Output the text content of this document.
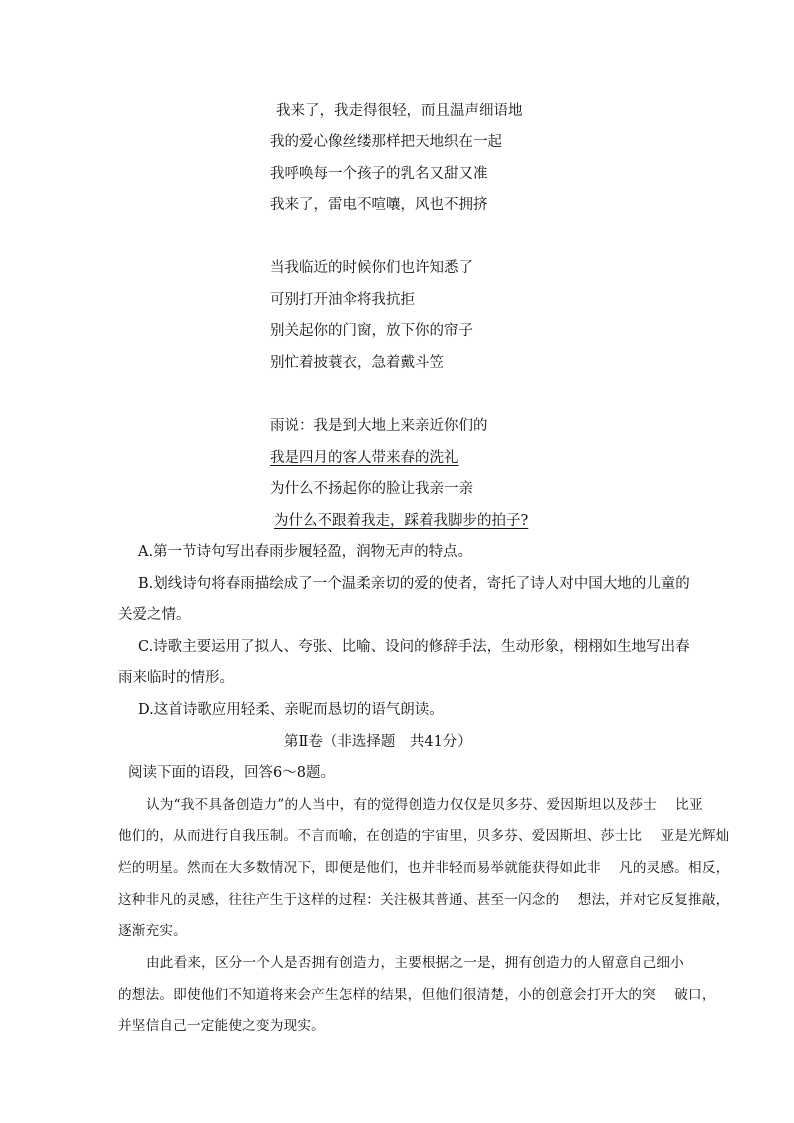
我来了，我走得很轻，而且温声细语地
我的爱心像丝缕那样把天地织在一起
我呼唤每一个孩子的乳名又甜又准
我来了，雷电不喧嚷，风也不拥挤
当我临近的时候你们也许知悉了
可别打开油伞将我抗拒
别关起你的门窗，放下你的帘子
别忙着披蓑衣，急着戴斗笠
雨说：我是到大地上来亲近你们的
我是四月的客人带来春的洗礼
为什么不扬起你的脸让我亲一亲
为什么不跟着我走，踩着我脚步的拍子?
A.第一节诗句写出春雨步履轻盈，润物无声的特点。
B.划线诗句将春雨描绘成了一个温柔亲切的爱的使者，寄托了诗人对中国大地的儿童的
关爱之情。
C.诗歌主要运用了拟人、夸张、比喻、设问的修辞手法，生动形象，栩栩如生地写出春
雨来临时的情形。
D.这首诗歌应用轻柔、亲昵而恳切的语气朗读。
第Ⅱ卷（非选择题　共41分）
阅读下面的语段，回答6～8题。
认为“我不具备创造力”的人当中，有的觉得创造力仅仅是贝多芬、爱因斯坦以及莎士　 比亚
他们的，从而进行自我压制。不言而喻，在创造的宇宙里，贝多芬、爱因斯坦、莎士比　 亚是光辉灿
烂的明星。然而在大多数情况下，即便是他们，也并非轻而易举就能获得如此非　 凡的灵感。相反，
这种非凡的灵感，往往产生于这样的过程：关注极其普通、甚至一闪念的　 想法，并对它反复推敲，
逐渐充实。
由此看来，区分一个人是否拥有创造力，主要根据之一是，拥有创造力的人留意自己细小
的想法。即使他们不知道将来会产生怎样的结果，但他们很清楚，小的创意会打开大的突　 破口，
并坚信自己一定能使之变为现实。
